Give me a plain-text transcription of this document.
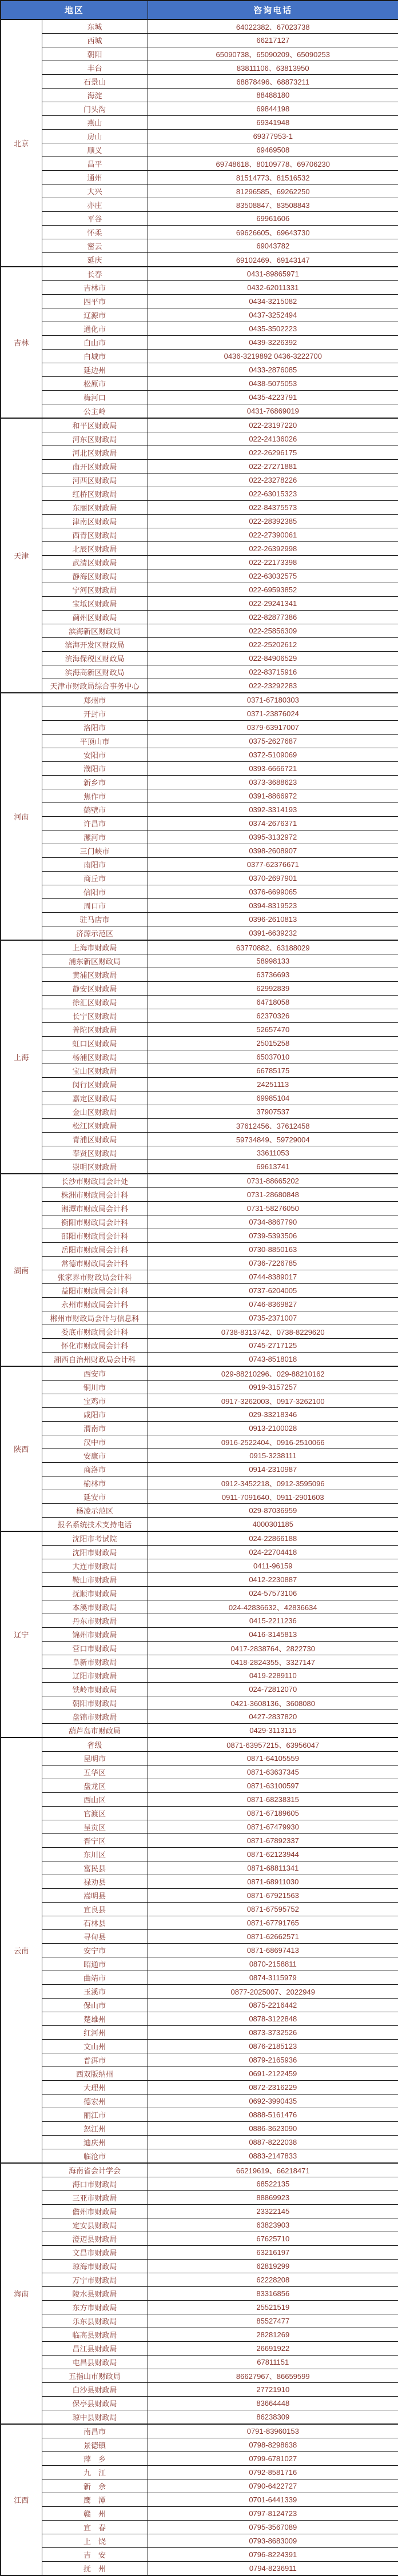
地区		咨询电话
北京	东城	64022382、67023738
	西城	66217127
	朝阳	65090738、65090209、65090253
	丰台	83811106、63813950
	石景山	68878496、68873211
	海淀	88488180
	门头沟	69844198
	燕山	69341948
	房山	69377953-1
	顺义	69469508
	昌平	69748618、80109778、69706230
	通州	81514773、81516532
	大兴	81296585、69262250
	亦庄	83508847、83508843
	平谷	69961606
	怀柔	69626605、69643730
	密云	69043782
	延庆	69102469、69143147
吉林	长春	0431-89865971
	吉林市	0432-62011331
	四平市	0434-3215082
	辽源市	0437-3252494
	通化市	0435-3502223
	白山市	0439-3226392
	白城市	0436-3219892 0436-3222700
	延边州	0433-2876085
	松原市	0438-5075053
	梅河口	0435-4223791
	公主岭	0431-76869019
天津	和平区财政局	022-23197220
	河东区财政局	022-24136026
	河北区财政局	022-26296175
	南开区财政局	022-27271881
	河西区财政局	022-23278226
	红桥区财政局	022-63015323
	东丽区财政局	022-84375573
	津南区财政局	022-28392385
	西青区财政局	022-27390061
	北辰区财政局	022-26392998
	武清区财政局	022-22173398
	静海区财政局	022-63032575
	宁河区财政局	022-69593852
	宝坻区财政局	022-29241341
	蓟州区财政局	022-82877386
	滨海新区财政局	022-25856309
	滨海开发区财政局	022-25202612
	滨海保税区财政局	022-84906529
	滨海高新区财政局	022-83715916
	天津市财政局综合事务中心	022-23292283
河南	郑州市	0371-67180303
	开封市	0371-23876024
	洛阳市	0379-63917007
	平顶山市	0375-2627687
	安阳市	0372-5109069
	濮阳市	0393-6666721
	新乡市	0373-3688623
	焦作市	0391-8866972
	鹤壁市	0392-3314193
	许昌市	0374-2676371
	漯河市	0395-3132972
	三门峡市	0398-2608907
	南阳市	0377-62376671
	商丘市	0370-2697901
	信阳市	0376-6699065
	周口市	0394-8319523
	驻马店市	0396-2610813
	济源示范区	0391-6639232
上海	上海市财政局	63770882、63188029
	浦东新区财政局	58998133
	黄浦区财政局	63736693
	静安区财政局	62992839
	徐汇区财政局	64718058
	长宁区财政局	62370326
	普陀区财政局	52657470
	虹口区财政局	25015258
	杨浦区财政局	65037010
	宝山区财政局	66785175
	闵行区财政局	24251113
	嘉定区财政局	69985104
	金山区财政局	37907537
	松江区财政局	37612456、37612458
	青浦区财政局	59734849、59729004
	奉贤区财政局	33611053
	崇明区财政局	69613741
湖南	长沙市财政局会计处	0731-88665202
	株洲市财政局会计科	0731-28680848
	湘潭市财政局会计科	0731-58276050
	衡阳市财政局会计科	0734-8867790
	邵阳市财政局会计科	0739-5393506
	岳阳市财政局会计科	0730-8850163
	常德市财政局会计科	0736-7226785
	张家界市财政局会计科	0744-8389017
	益阳市财政局会计科	0737-6204005
	永州市财政局会计科	0746-8369827
	郴州市财政局会计与信息科	0735-2371007
	娄底市财政局会计科	0738-8313742、0738-8229620
	怀化市财政局会计科	0745-2717125
	湘西自治州财政局会计科	0743-8518018
陕西	西安市	029-88210296、029-88210162
	铜川市	0919-3157257
	宝鸡市	0917-3262003、0917-3262100
	咸阳市	029-33218346
	渭南市	0913-2100028
	汉中市	0916-2522404、0916-2510066
	安康市	0915-3238111
	商洛市	0914-2310987
	榆林市	0912-3452218、0912-3595096
	延安市	0911-7091640、0911-2901603
	杨凌示范区	029-87036959
	报名系统技术支持电话	4000301185
辽宁	沈阳市考试院	024-22866188
	沈阳市财政局	024-22704418
	大连市财政局	0411-96159
	鞍山市财政局	0412-2230887
	抚顺市财政局	024-57573106
	本溪市财政局	024-42836632、42836634
	丹东市财政局	0415-2211236
	锦州市财政局	0416-3145813
	营口市财政局	0417-2838764、2822730
	阜新市财政局	0418-2824355、3327147
	辽阳市财政局	0419-2289110
	铁岭市财政局	024-72812070
	朝阳市财政局	0421-3608136、3608080
	盘锦市财政局	0427-2837820
	葫芦岛市财政局	0429-3113115
云南	省级	0871-63957215、63956047
	昆明市	0871-64105559
	五华区	0871-63637345
	盘龙区	0871-63100597
	西山区	0871-68238315
	官渡区	0871-67189605
	呈贡区	0871-67479930
	晋宁区	0871-67892337
	东川区	0871-62123944
	富民县	0871-68811341
	禄劝县	0871-68911030
	嵩明县	0871-67921563
	宜良县	0871-67595752
	石林县	0871-67791765
	寻甸县	0871-62662571
	安宁市	0871-68697413
	昭通市	0870-2158811
	曲靖市	0874-3115979
	玉溪市	0877-2025007、2022949
	保山市	0875-2216442
	楚雄州	0878-3122848
	红河州	0873-3732526
	文山州	0876-2185123
	普洱市	0879-2165936
	西双版纳州	0691-2122459
	大理州	0872-2316229
	德宏州	0692-3990435
	丽江市	0888-5161476
	怒江州	0886-3623090
	迪庆州	0887-8222038
	临沧市	0883-2147833
海南	海南省会计学会	66219619、66218471
	海口市财政局	68522135
	三亚市财政局	88869923
	儋州市财政局	23322145
	定安县财政局	63823903
	澄迈县财政局	67625710
	文昌市财政局	63216197
	琼海市财政局	62819299
	万宁市财政局	62228208
	陵水县财政局	83316856
	东方市财政局	25521519
	乐东县财政局	85527477
	临高县财政局	28281269
	昌江县财政局	26691922
	屯昌县财政局	67811151
	五指山市财政局	86627967、86659599
	白沙县财政局	27721910
	保亭县财政局	83664448
	琼中县财政局	86238309
江西	南昌市	0791-83960153
	景德镇	0798-8298638
	萍　乡	0799-6781027
	九　江	0792-8581716
	新　余	0790-6422727
	鹰　潭	0701-6441339
	赣　州	0797-8124723
	宜　春	0795-3567089
	上　饶	0793-8683009
	吉　安	0796-8224391
	抚　州	0794-8236911
